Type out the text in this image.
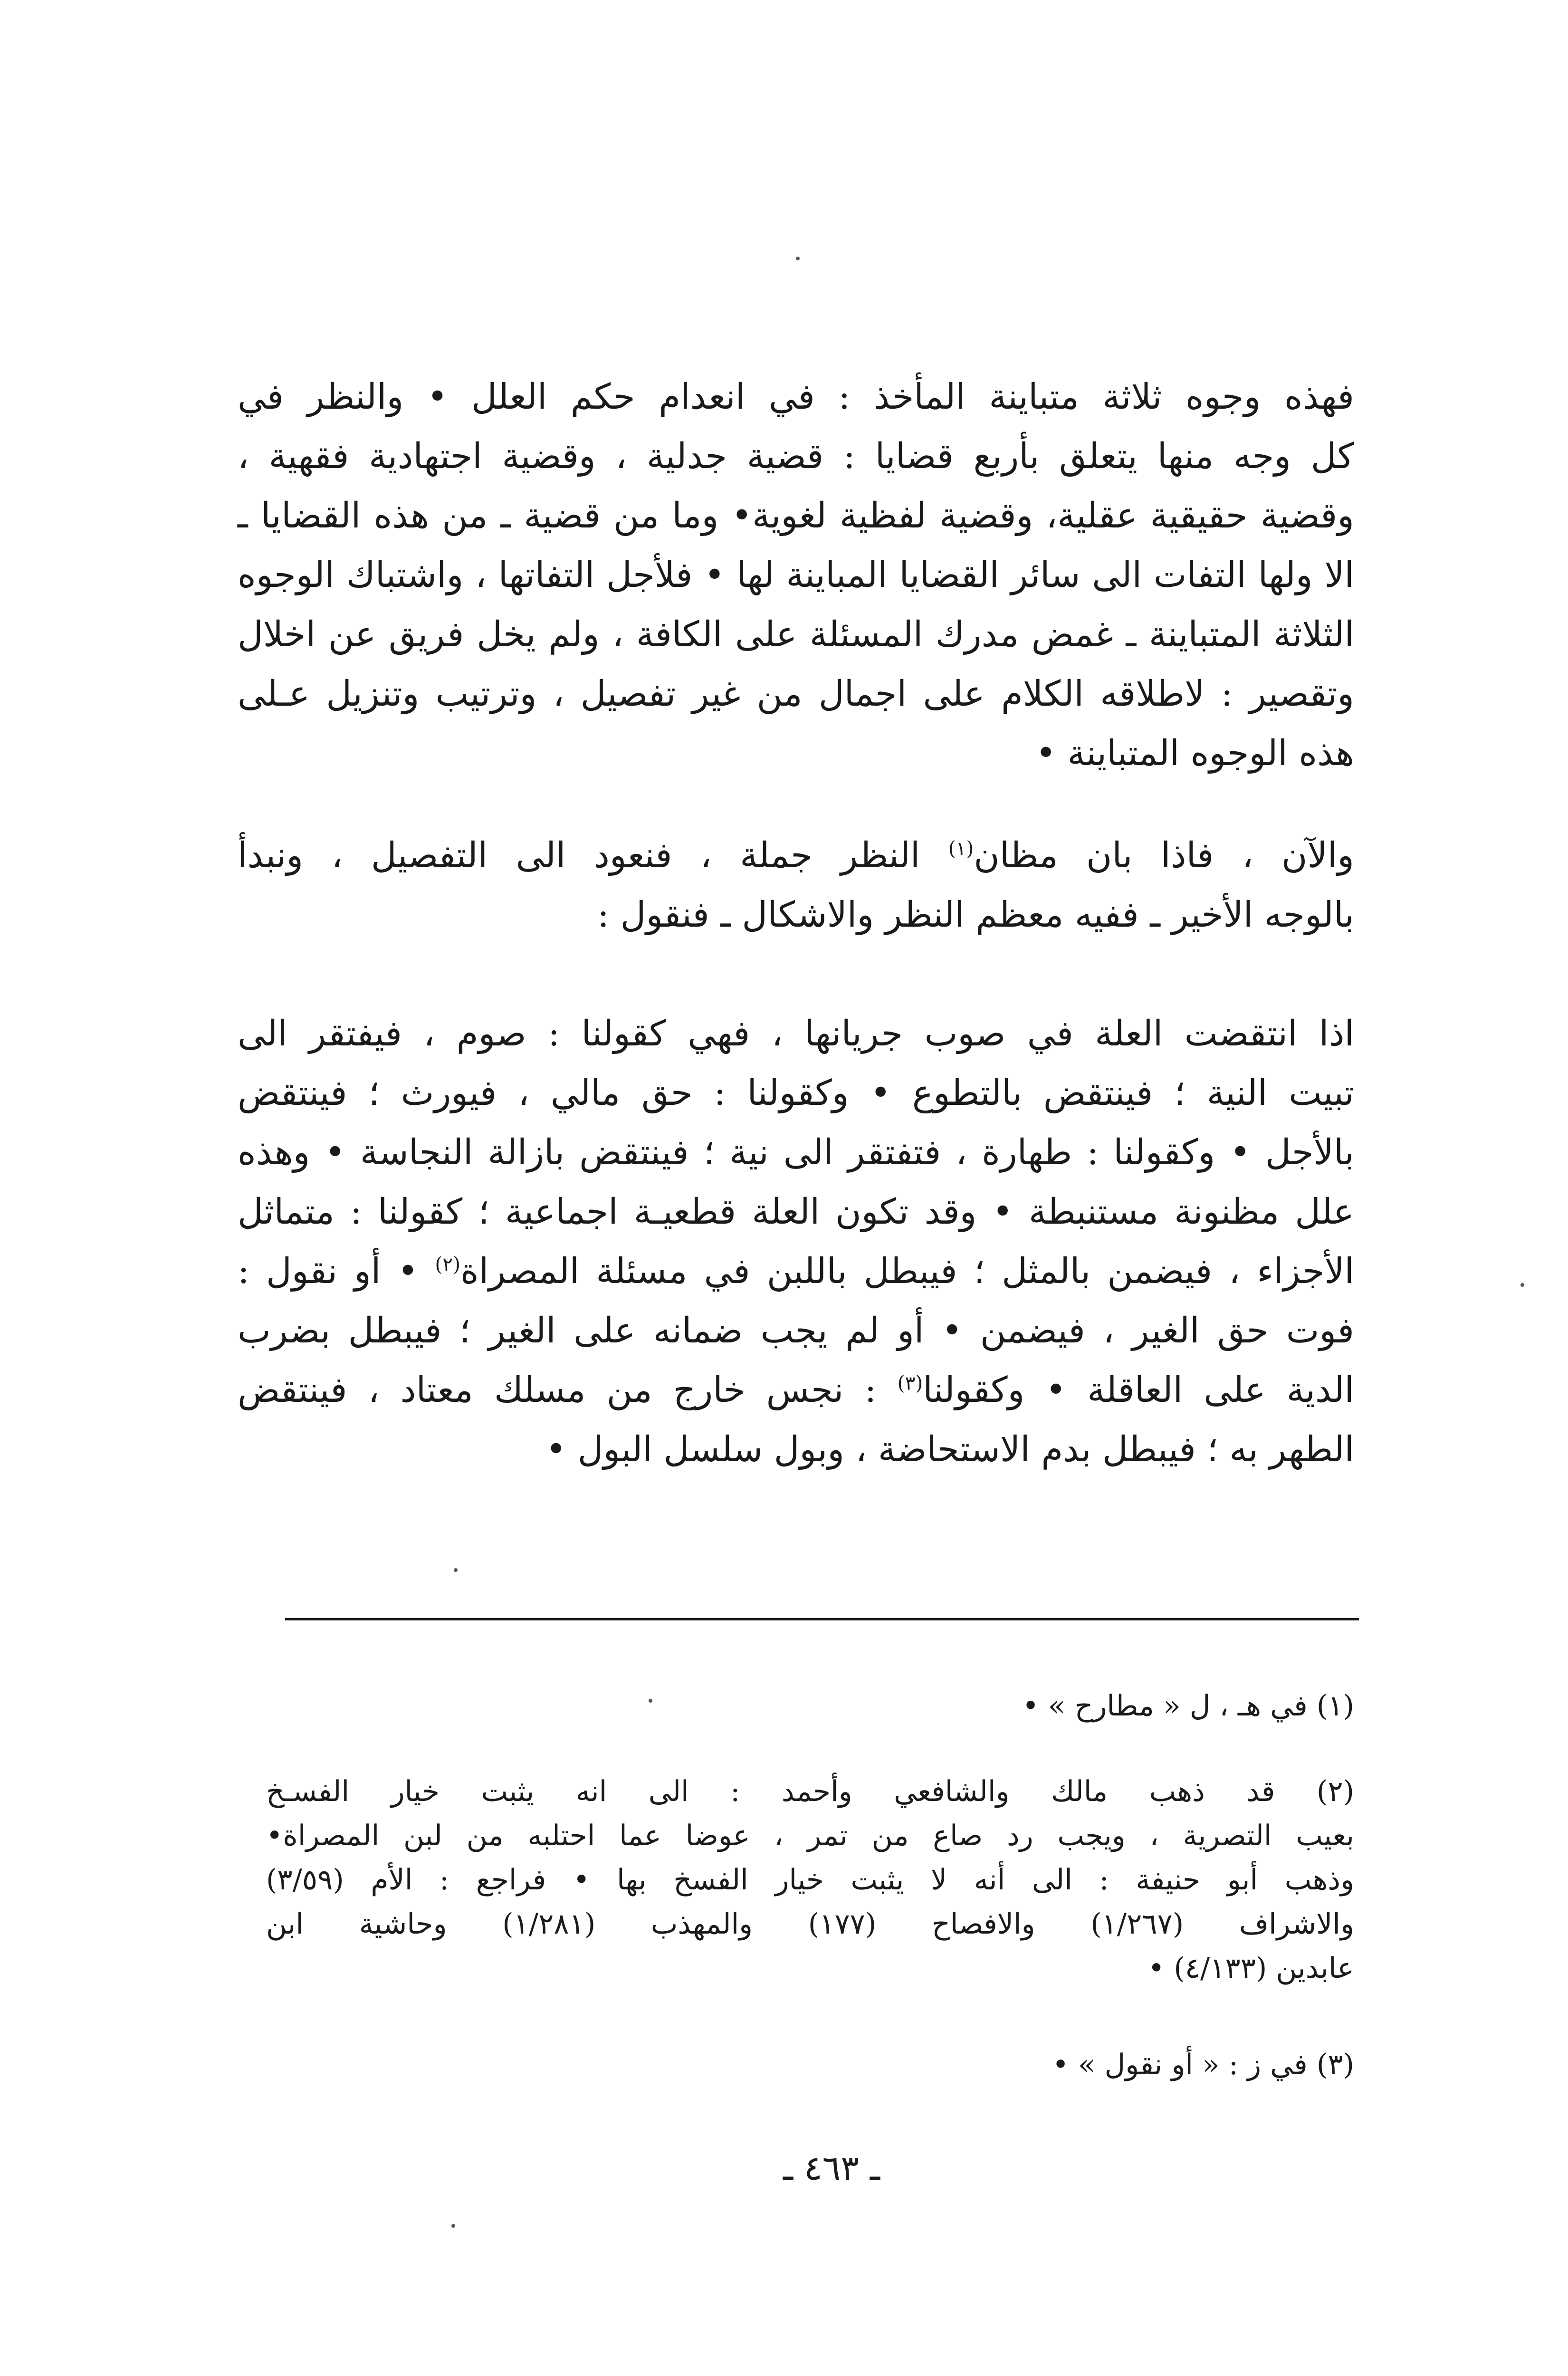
فهذه وجوه ثلاثة متباينة المأخذ : في انعدام حكم العلل • والنظر في
كل وجه منها يتعلق بأربع قضايا : قضية جدلية ، وقضية اجتهادية فقهية ،
وقضية حقيقية عقلية، وقضية لفظية لغوية• وما من قضية ـ من هذه القضايا ـ
الا ولها التفات الى سائر القضايا المباينة لها • فلأجل التفاتها ، واشتباك الوجوه
الثلاثة المتباينة ـ غمض مدرك المسئلة على الكافة ، ولم يخل فريق عن اخلال
وتقصير : لاطلاقه الكلام على اجمال من غير تفصيل ، وترتيب وتنزيل عـلى
هذه الوجوه المتباينة •
والآن ، فاذا بان مظان$^{(١)}$ النظر جملة ، فنعود الى التفصيل ، ونبدأ
بالوجه الأخير ـ ففيه معظم النظر والاشكال ـ فنقول :
اذا انتقضت العلة في صوب جريانها ، فهي كقولنا : صوم ، فيفتقر الى
تبيت النية ؛ فينتقض بالتطوع • وكقولنا : حق مالي ، فيورث ؛ فينتقض
بالأجل • وكقولنا : طهارة ، فتفتقر الى نية ؛ فينتقض بازالة النجاسة • وهذه
علل مظنونة مستنبطة • وقد تكون العلة قطعيـة اجماعية ؛ كقولنا : متماثل
الأجزاء ، فيضمن بالمثل ؛ فيبطل باللبن في مسئلة المصراة$^{(٢)}$ • أو نقول :
فوت حق الغير ، فيضمن • أو لم يجب ضمانه على الغير ؛ فيبطل بضرب
الدية على العاقلة • وكقولنا$^{(٣)}$ : نجس خارج من مسلك معتاد ، فينتقض
الطهر به ؛ فيبطل بدم الاستحاضة ، وبول سلسل البول •
(١) في هـ ، ل « مطارح » •
(٢) قد ذهب مالك والشافعي وأحمد : الى انه يثبت خيار الفسـخ
بعيب التصرية ، ويجب رد صاع من تمر ، عوضا عما احتلبه من لبن المصراة•
وذهب أبو حنيفة : الى أنه لا يثبت خيار الفسخ بها • فراجع : الأم (٣/٥٩)
والاشراف (١/٢٦٧) والافصاح (١٧٧) والمهذب (١/٢٨١) وحاشية ابن
عابدين (٤/١٣٣) •
(٣) في ز : « أو نقول » •
ـ ٤٦٣ ـ
